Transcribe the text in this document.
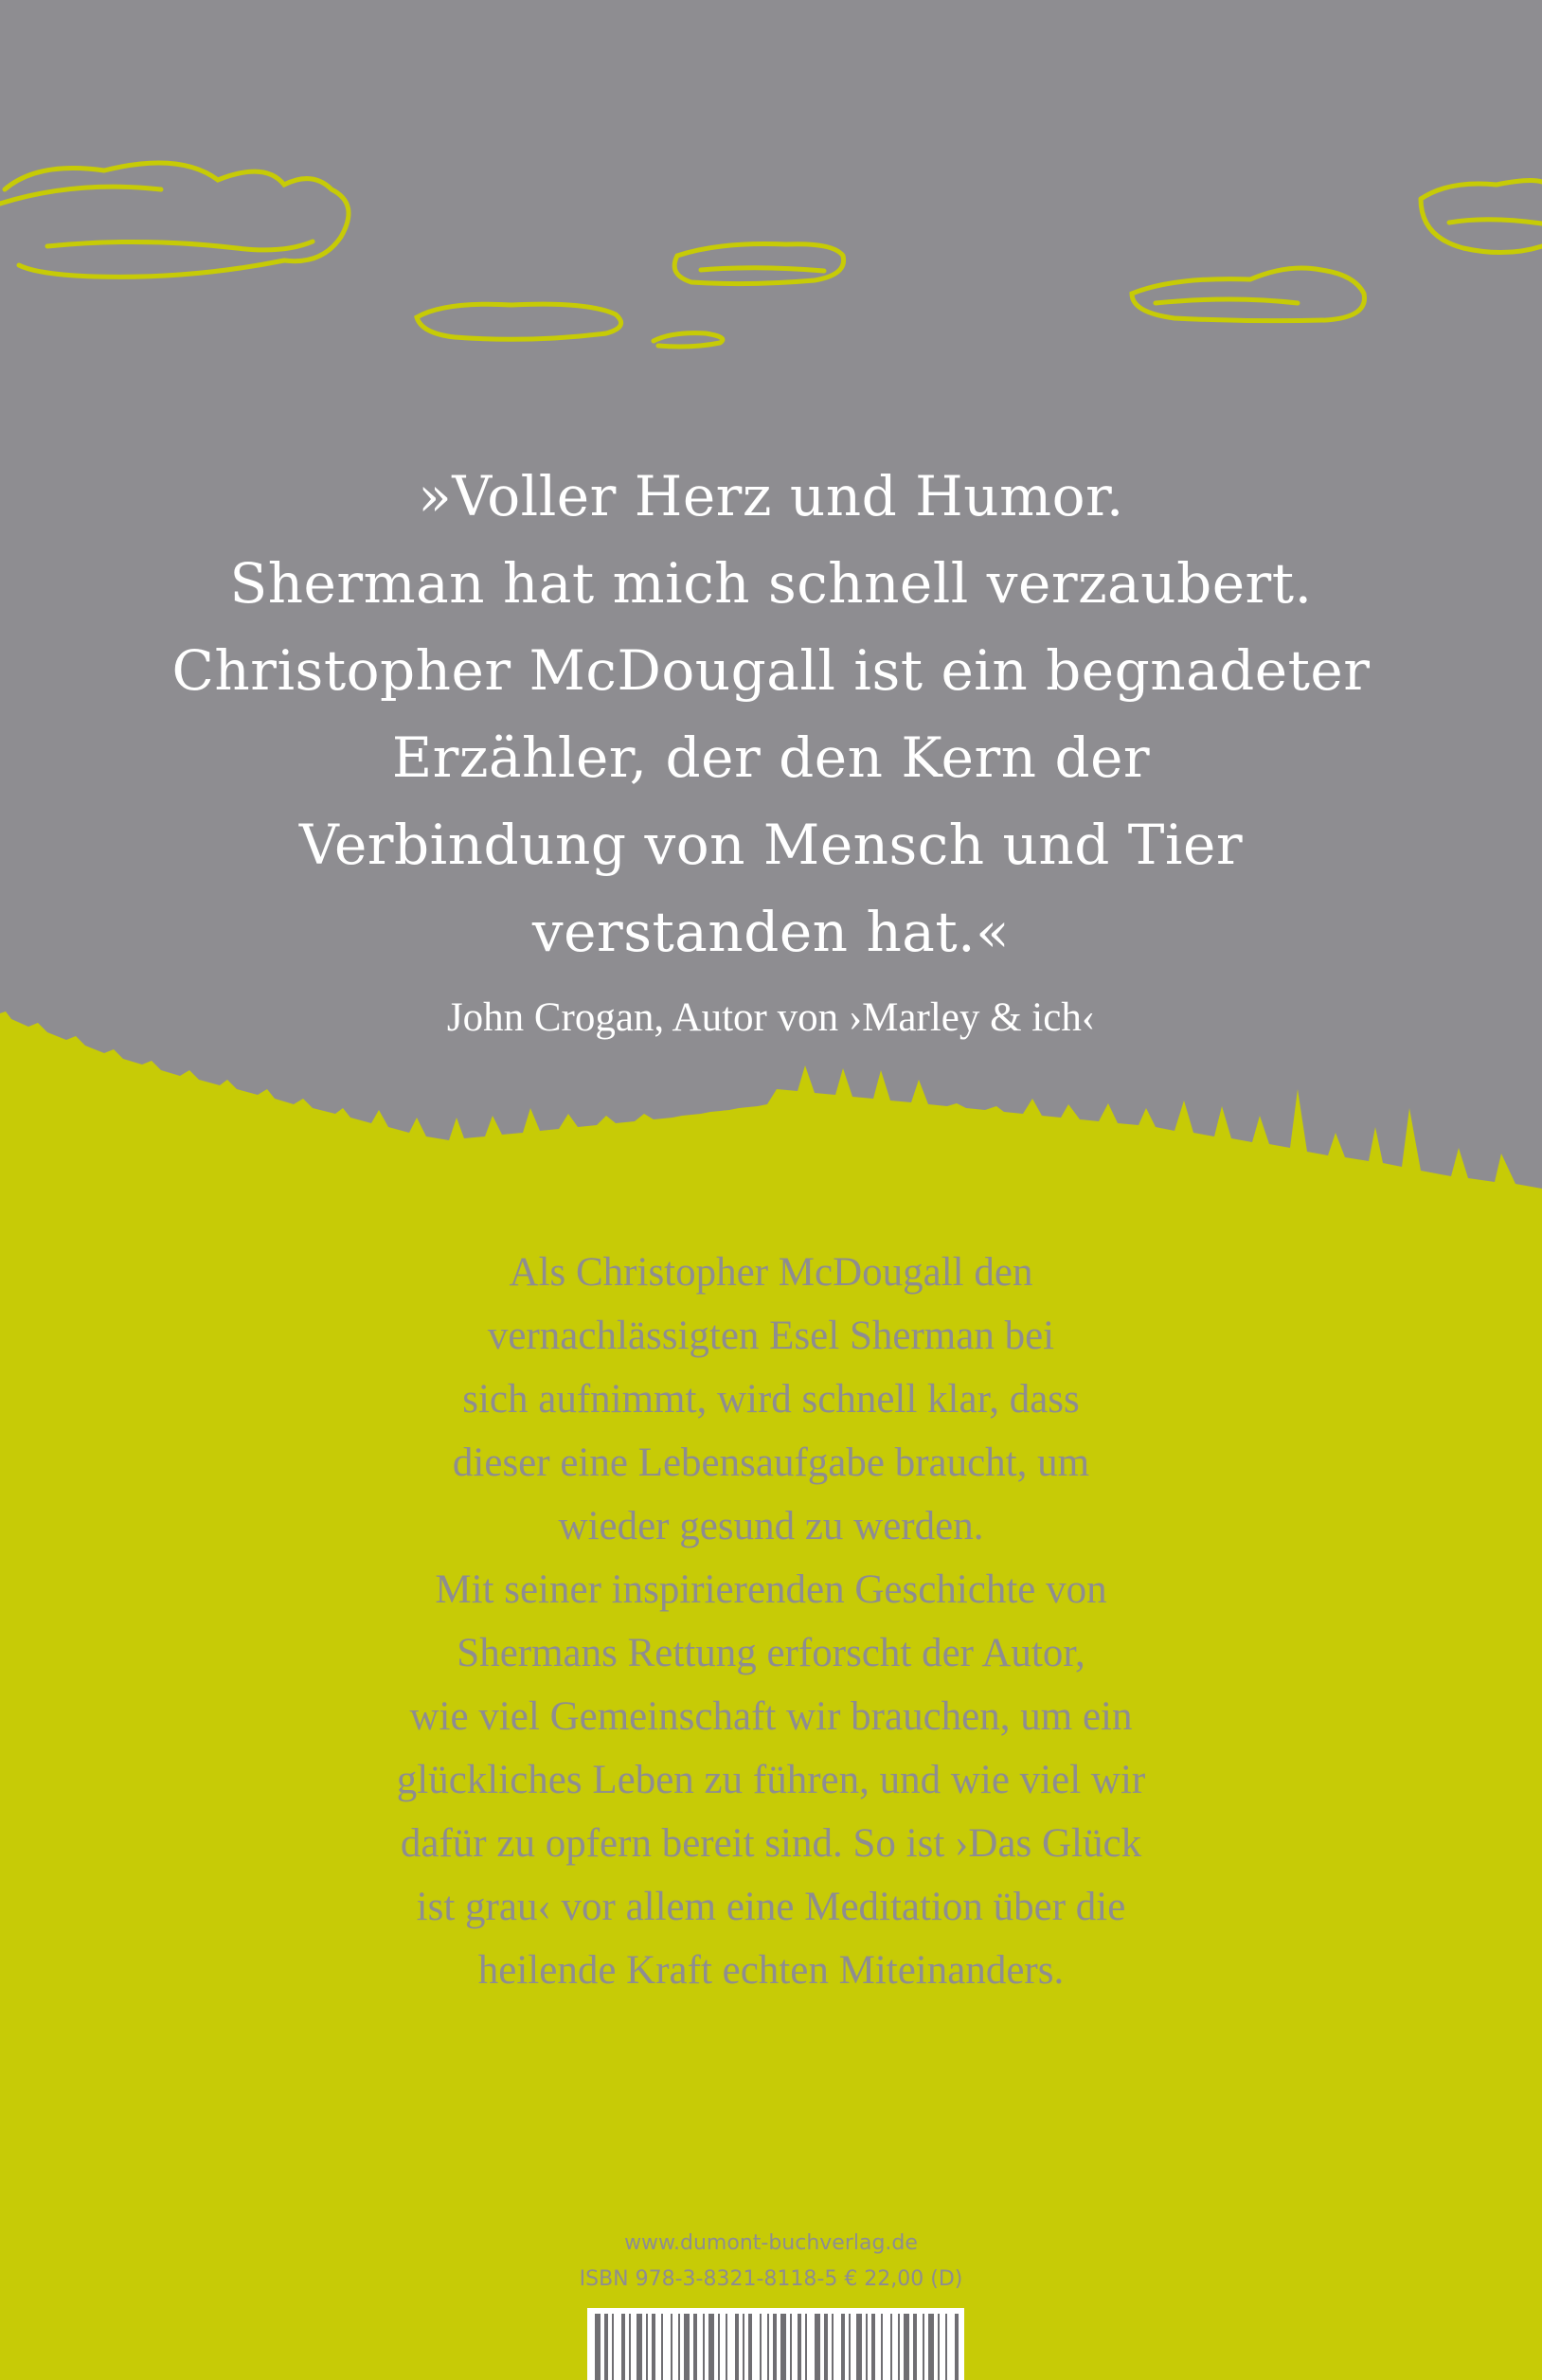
»Voller Herz und Humor.
Sherman hat mich schnell verzaubert.
Christopher McDougall ist ein begnadeter
Erzähler, der den Kern der
Verbindung von Mensch und Tier
verstanden hat.«

John Crogan, Autor von ›Marley & ich‹

Als Christopher McDougall den
vernachlässigten Esel Sherman bei
sich aufnimmt, wird schnell klar, dass
dieser eine Lebensaufgabe braucht, um
wieder gesund zu werden.
Mit seiner inspirierenden Geschichte von
Shermans Rettung erforscht der Autor,
wie viel Gemeinschaft wir brauchen, um ein
glückliches Leben zu führen, und wie viel wir
dafür zu opfern bereit sind. So ist ›Das Glück
ist grau‹ vor allem eine Meditation über die
heilende Kraft echten Miteinanders.

www.dumont-buchverlag.de
ISBN 978-3-8321-8118-5 € 22,00 (D)
